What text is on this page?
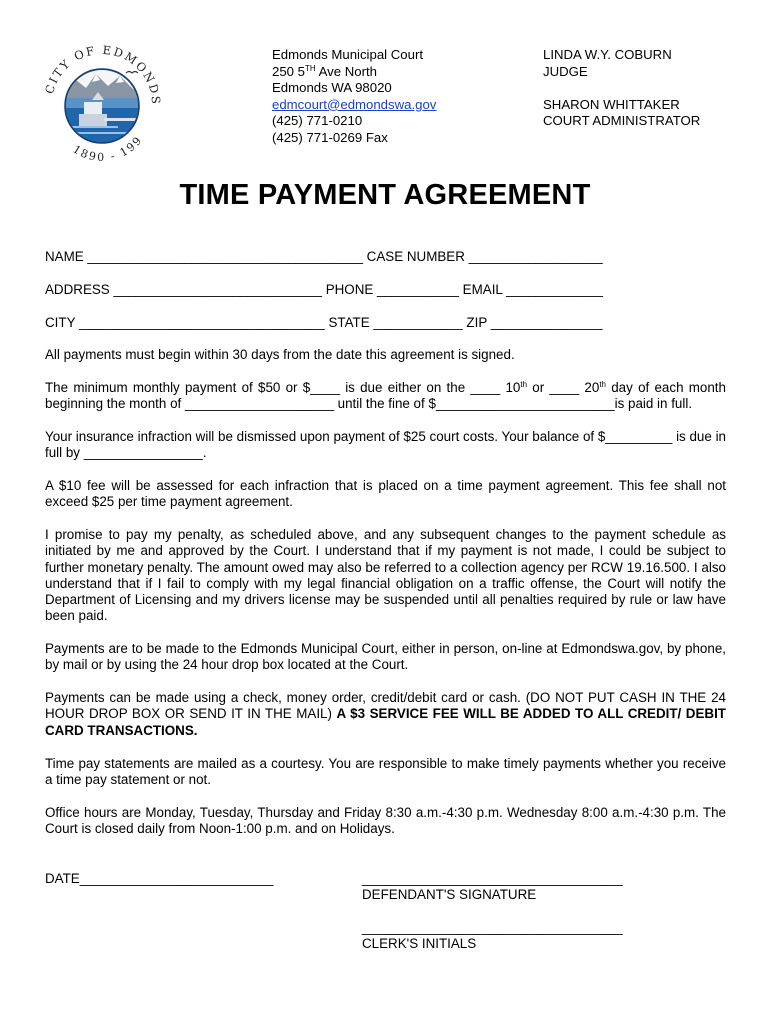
CITY OF EDMONDS
1890 - 199
Edmonds Municipal Court
250 5TH Ave North
Edmonds WA 98020
edmcourt@edmondswa.gov
(425) 771-0210
(425) 771-0269 Fax
LINDA W.Y. COBURN
JUDGE
SHARON WHITTAKER
COURT ADMINISTRATOR
TIME PAYMENT AGREEMENT
NAME _____________________________________ CASE NUMBER __________________
ADDRESS ____________________________ PHONE ___________ EMAIL _____________
CITY _________________________________ STATE ____________ ZIP _______________
All payments must begin within 30 days from the date this agreement is signed.
The minimum monthly payment of $50 or $____ is due either on the ____ 10th or ____ 20th day of each month beginning the month of ____________________ until the fine of $________________________is paid in full.
Your insurance infraction will be dismissed upon payment of $25 court costs. Your balance of $_________ is due in full by ________________.
A $10 fee will be assessed for each infraction that is placed on a time payment agreement. This fee shall not exceed $25 per time payment agreement.
I promise to pay my penalty, as scheduled above, and any subsequent changes to the payment schedule as initiated by me and approved by the Court. I understand that if my payment is not made, I could be subject to further monetary penalty. The amount owed may also be referred to a collection agency per RCW 19.16.500. I also understand that if I fail to comply with my legal financial obligation on a traffic offense, the Court will notify the Department of Licensing and my drivers license may be suspended until all penalties required by rule or law have been paid.
Payments are to be made to the Edmonds Municipal Court, either in person, on-line at Edmondswa.gov, by phone, by mail or by using the 24 hour drop box located at the Court.
Payments can be made using a check, money order, credit/debit card or cash. (DO NOT PUT CASH IN THE 24 HOUR DROP BOX OR SEND IT IN THE MAIL) A $3 SERVICE FEE WILL BE ADDED TO ALL CREDIT/ DEBIT CARD TRANSACTIONS.
Time pay statements are mailed as a courtesy. You are responsible to make timely payments whether you receive a time pay statement or not.
Office hours are Monday, Tuesday, Thursday and Friday 8:30 a.m.-4:30 p.m. Wednesday 8:00 a.m.-4:30 p.m. The Court is closed daily from Noon-1:00 p.m. and on Holidays.
DATE__________________________	___________________________________
DEFENDANT'S SIGNATURE
___________________________________
CLERK'S INITIALS
